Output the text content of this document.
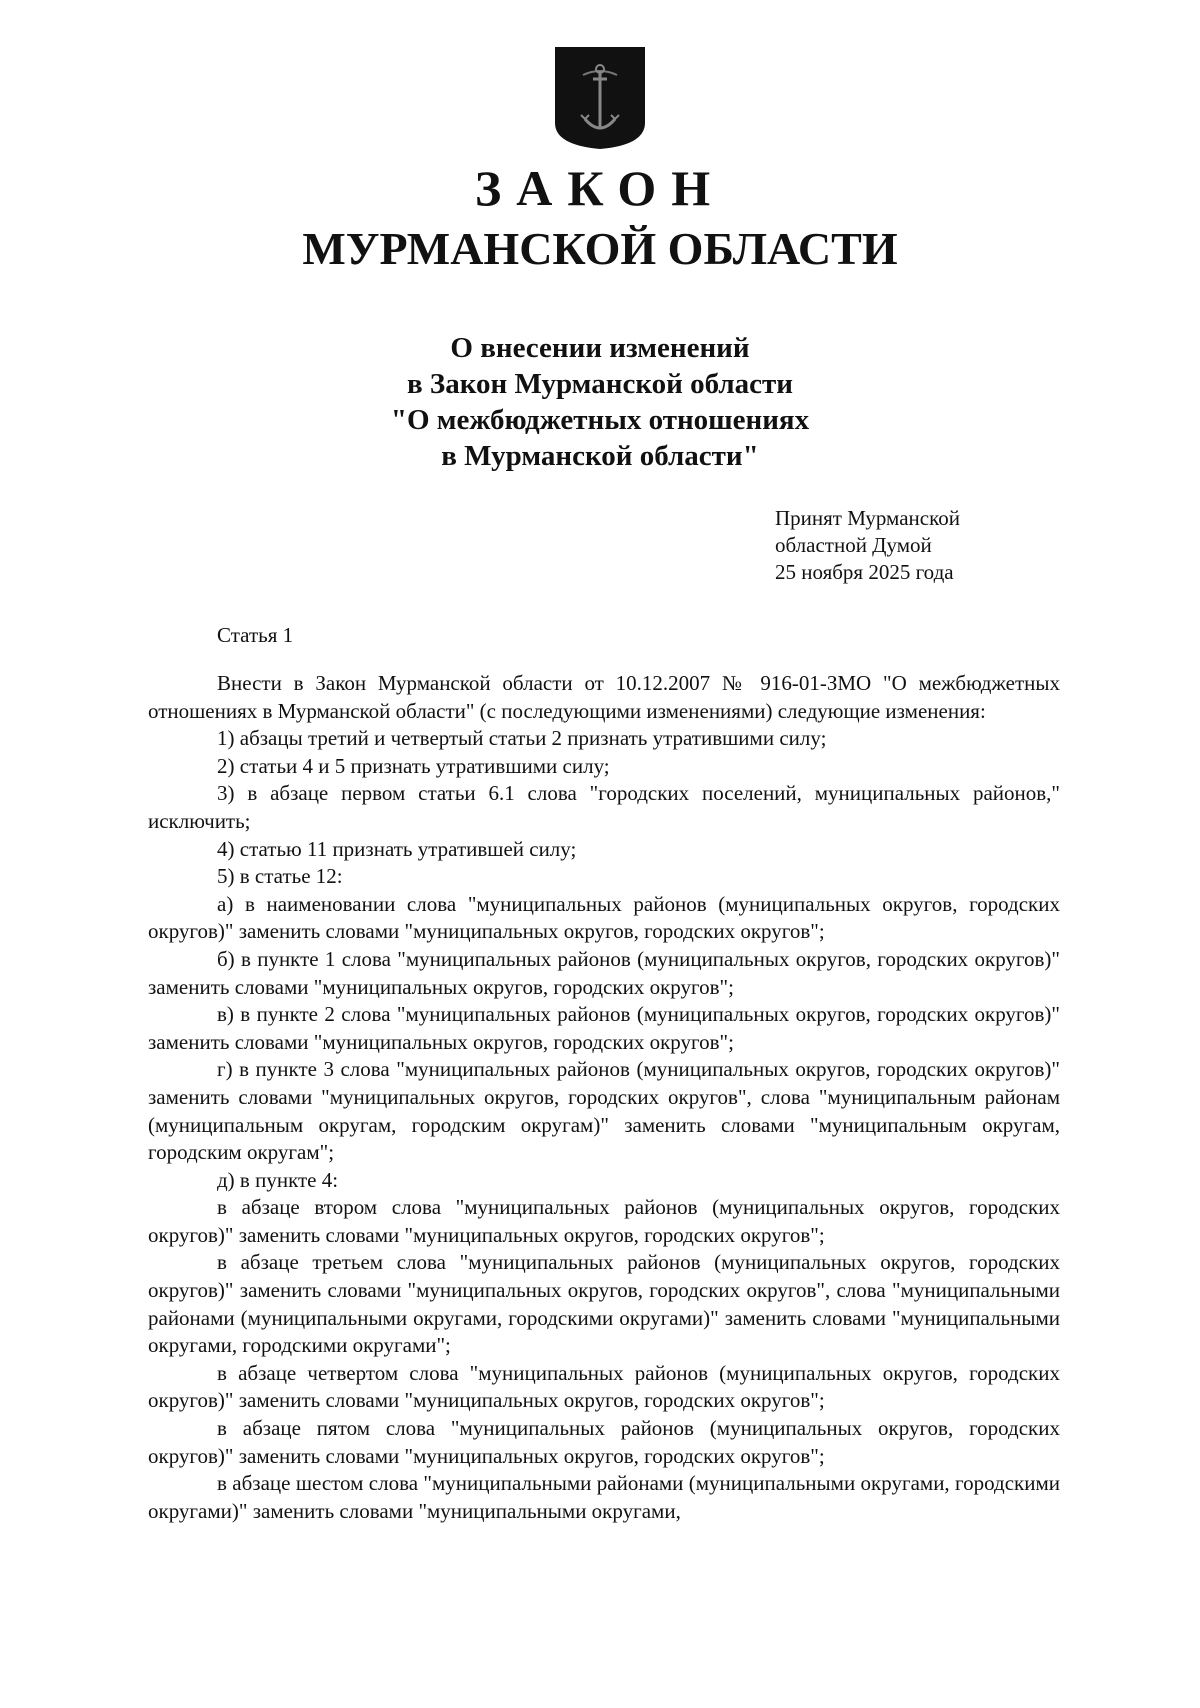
ЗАКОН
МУРМАНСКОЙ ОБЛАСТИ
О внесении изменений
в Закон Мурманской области
"О межбюджетных отношениях
в Мурманской области"
Принят Мурманской
областной Думой
25 ноября 2025 года
Статья 1

Внести в Закон Мурманской области от 10.12.2007 № 916-01-ЗМО "О межбюджетных отношениях в Мурманской области" (с последующими изменениями) следующие изменения:

1) абзацы третий и четвертый статьи 2 признать утратившими силу;

2) статьи 4 и 5 признать утратившими силу;

3) в абзаце первом статьи 6.1 слова "городских поселений, муниципальных районов," исключить;

4) статью 11 признать утратившей силу;

5) в статье 12:

а) в наименовании слова "муниципальных районов (муниципальных округов, городских округов)" заменить словами "муниципальных округов, городских округов";

б) в пункте 1 слова "муниципальных районов (муниципальных округов, городских округов)" заменить словами "муниципальных округов, городских округов";

в) в пункте 2 слова "муниципальных районов (муниципальных округов, городских округов)" заменить словами "муниципальных округов, городских округов";

г) в пункте 3 слова "муниципальных районов (муниципальных округов, городских округов)" заменить словами "муниципальных округов, городских округов", слова "муниципальным районам (муниципальным округам, городским округам)" заменить словами "муниципальным округам, городским округам";

д) в пункте 4:

в абзаце втором слова "муниципальных районов (муниципальных округов, городских округов)" заменить словами "муниципальных округов, городских округов";

в абзаце третьем слова "муниципальных районов (муниципальных округов, городских округов)" заменить словами "муниципальных округов, городских округов", слова "муниципальными районами (муниципальными округами, городскими округами)" заменить словами "муниципальными округами, городскими округами";

в абзаце четвертом слова "муниципальных районов (муниципальных округов, городских округов)" заменить словами "муниципальных округов, городских округов";

в абзаце пятом слова "муниципальных районов (муниципальных округов, городских округов)" заменить словами "муниципальных округов, городских округов";

в абзаце шестом слова "муниципальными районами (муниципальными округами, городскими округами)" заменить словами "муниципальными округами,
